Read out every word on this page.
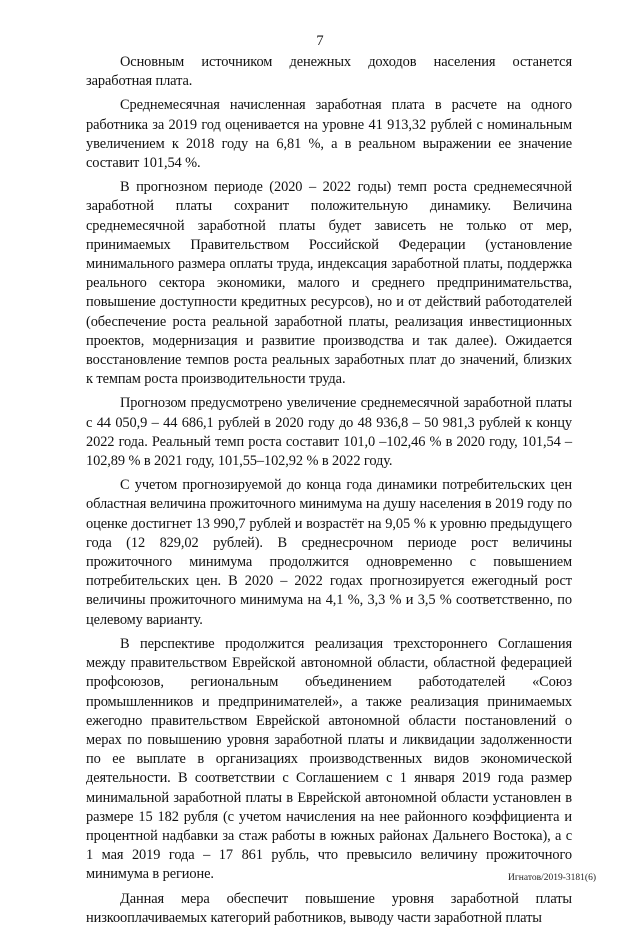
7

Основным источником денежных доходов населения останется заработная плата.

Среднемесячная начисленная заработная плата в расчете на одного работника за 2019 год оценивается на уровне 41 913,32 рублей с номинальным увеличением к 2018 году на 6,81 %, а в реальном выражении ее значение составит 101,54 %.

В прогнозном периоде (2020 – 2022 годы) темп роста среднемесячной заработной платы сохранит положительную динамику. Величина среднемесячной заработной платы будет зависеть не только от мер, принимаемых Правительством Российской Федерации (установление минимального размера оплаты труда, индексация заработной платы, поддержка реального сектора экономики, малого и среднего предпринимательства, повышение доступности кредитных ресурсов), но и от действий работодателей (обеспечение роста реальной заработной платы, реализация инвестиционных проектов, модернизация и развитие производства и так далее). Ожидается восстановление темпов роста реальных заработных плат до значений, близких к темпам роста производительности труда.

Прогнозом предусмотрено увеличение среднемесячной заработной платы с 44 050,9 – 44 686,1 рублей в 2020 году до 48 936,8 – 50 981,3 рублей к концу 2022 года. Реальный темп роста составит 101,0 –102,46 % в 2020 году, 101,54 –102,89 % в 2021 году, 101,55–102,92 % в 2022 году.

С учетом прогнозируемой до конца года динамики потребительских цен областная величина прожиточного минимума на душу населения в 2019 году по оценке достигнет 13 990,7 рублей и возрастёт на 9,05 % к уровню предыдущего года (12 829,02 рублей). В среднесрочном периоде рост величины прожиточного минимума продолжится одновременно с повышением потребительских цен. В 2020 – 2022 годах прогнозируется ежегодный рост величины прожиточного минимума на 4,1 %, 3,3 % и 3,5 % соответственно, по целевому варианту.

В перспективе продолжится реализация трехстороннего Соглашения между правительством Еврейской автономной области, областной федерацией профсоюзов, региональным объединением работодателей «Союз промышленников и предпринимателей», а также реализация принимаемых ежегодно правительством Еврейской автономной области постановлений о мерах по повышению уровня заработной платы и ликвидации задолженности по ее выплате в организациях производственных видов экономической деятельности. В соответствии с Соглашением с 1 января 2019 года размер минимальной заработной платы в Еврейской автономной области установлен в размере 15 182 рубля (с учетом начисления на нее районного коэффициента и процентной надбавки за стаж работы в южных районах Дальнего Востока), а с 1 мая 2019 года – 17 861 рубль, что превысило величину прожиточного минимума в регионе.

Данная мера обеспечит повышение уровня заработной платы низкооплачиваемых категорий работников, выводу части заработной платы

Игнатов/2019-3181(6)
